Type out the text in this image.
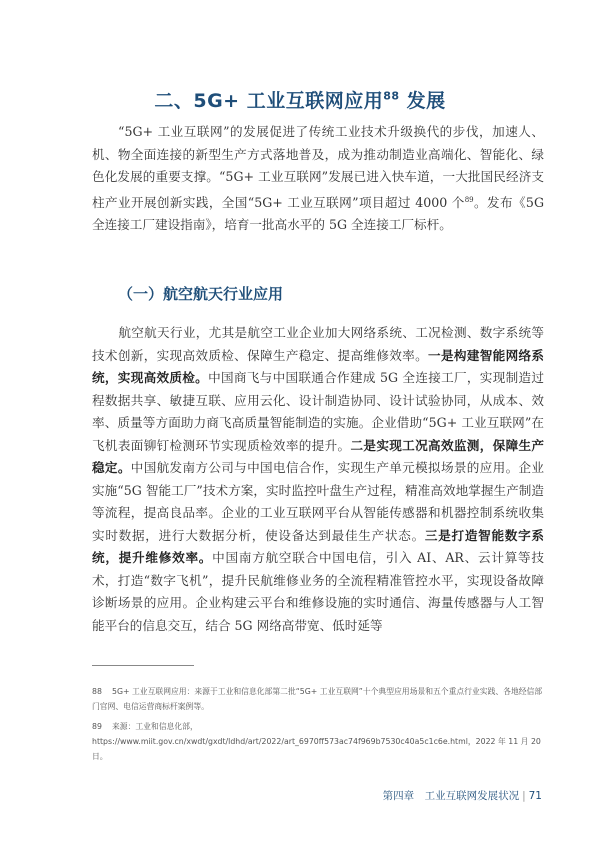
二、5G+ 工业互联网应用$^{88}$ 发展

“5G+ 工业互联网”的发展促进了传统工业技术升级换代的步伐，加速人、机、物全面连接的新型生产方式落地普及，成为推动制造业高端化、智能化、绿色化发展的重要支撑。“5G+ 工业互联网”发展已进入快车道，一大批国民经济支柱产业开展创新实践，全国“5G+ 工业互联网”项目超过 4000 个$^{89}$。发布《5G 全连接工厂建设指南》，培育一批高水平的 5G 全连接工厂标杆。

（一）航空航天行业应用

航空航天行业，尤其是航空工业企业加大网络系统、工况检测、数字系统等技术创新，实现高效质检、保障生产稳定、提高维修效率。一是构建智能网络系统，实现高效质检。中国商飞与中国联通合作建成 5G 全连接工厂，实现制造过程数据共享、敏捷互联、应用云化、设计制造协同、设计试验协同，从成本、效率、质量等方面助力商飞高质量智能制造的实施。企业借助“5G+ 工业互联网”在飞机表面铆钉检测环节实现质检效率的提升。二是实现工况高效监测，保障生产稳定。中国航发南方公司与中国电信合作，实现生产单元模拟场景的应用。企业实施“5G 智能工厂”技术方案，实时监控叶盘生产过程，精准高效地掌握生产制造等流程，提高良品率。企业的工业互联网平台从智能传感器和机器控制系统收集实时数据，进行大数据分析，使设备达到最佳生产状态。三是打造智能数字系统，提升维修效率。中国南方航空联合中国电信，引入 AI、AR、云计算等技术，打造“数字飞机”，提升民航维修业务的全流程精准管控水平，实现设备故障诊断场景的应用。企业构建云平台和维修设施的实时通信、海量传感器与人工智能平台的信息交互，结合 5G 网络高带宽、低时延等

88 5G+ 工业互联网应用：来源于工业和信息化部第二批“5G+ 工业互联网”十个典型应用场景和五个重点行业实践、各地经信部门官网、电信运营商标杆案例等。
89 来源：工业和信息化部，https://www.miit.gov.cn/xwdt/gxdt/ldhd/art/2022/art_6970ff573ac74f969b7530c40a5c1c6e.html，2022 年 11 月 20 日。
第四章　工业互联网发展状况 | 71
